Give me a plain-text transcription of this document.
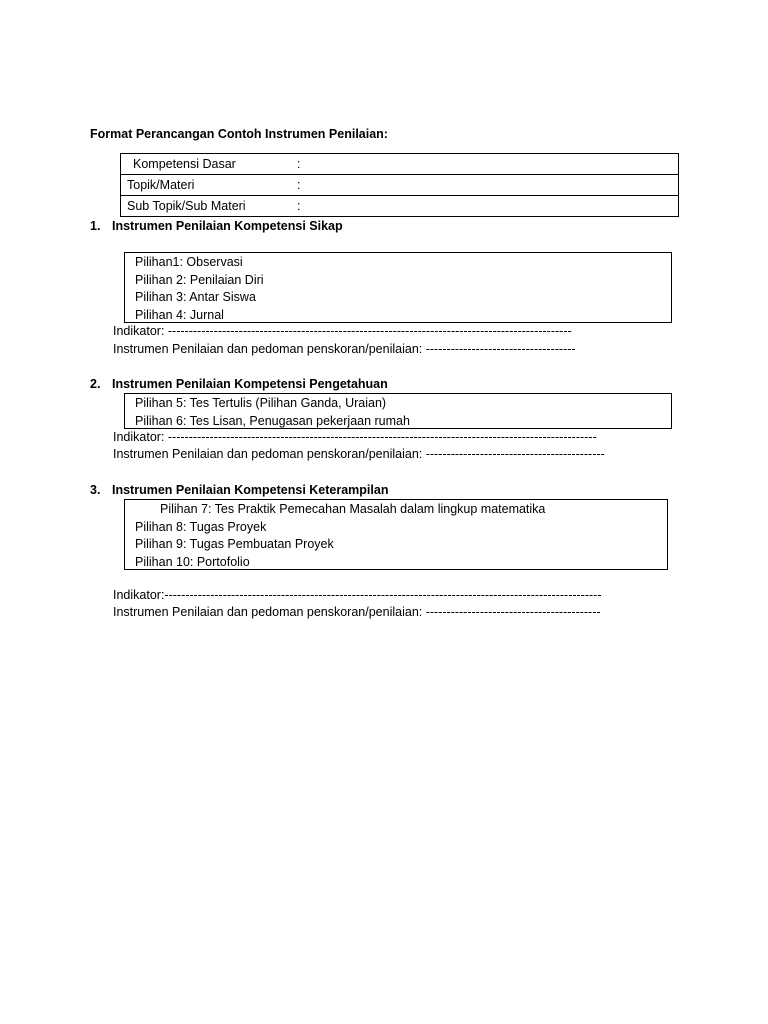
Format Perancangan Contoh Instrumen Penilaian:
Kompetensi Dasar	:
Topik/Materi	:
Sub Topik/Sub Materi	:
1. Instrumen Penilaian Kompetensi Sikap
Pilihan1: Observasi
Pilihan 2: Penilaian Diri
Pilihan 3: Antar Siswa
Pilihan 4: Jurnal
Indikator: -------------------------------------------------------------------------------------------------
Instrumen Penilaian dan pedoman penskoran/penilaian: ------------------------------------
2. Instrumen Penilaian Kompetensi Pengetahuan
Pilihan 5: Tes Tertulis (Pilihan Ganda, Uraian)
Pilihan 6: Tes Lisan, Penugasan pekerjaan rumah
Indikator: -------------------------------------------------------------------------------------------------------
Instrumen Penilaian dan pedoman penskoran/penilaian: -------------------------------------------
3. Instrumen Penilaian Kompetensi Keterampilan
Pilihan 7: Tes Praktik Pemecahan Masalah dalam lingkup matematika
Pilihan 8: Tugas Proyek
Pilihan 9: Tugas Pembuatan Proyek
Pilihan 10: Portofolio
Indikator:---------------------------------------------------------------------------------------------------------
Instrumen Penilaian dan pedoman penskoran/penilaian: ------------------------------------------
